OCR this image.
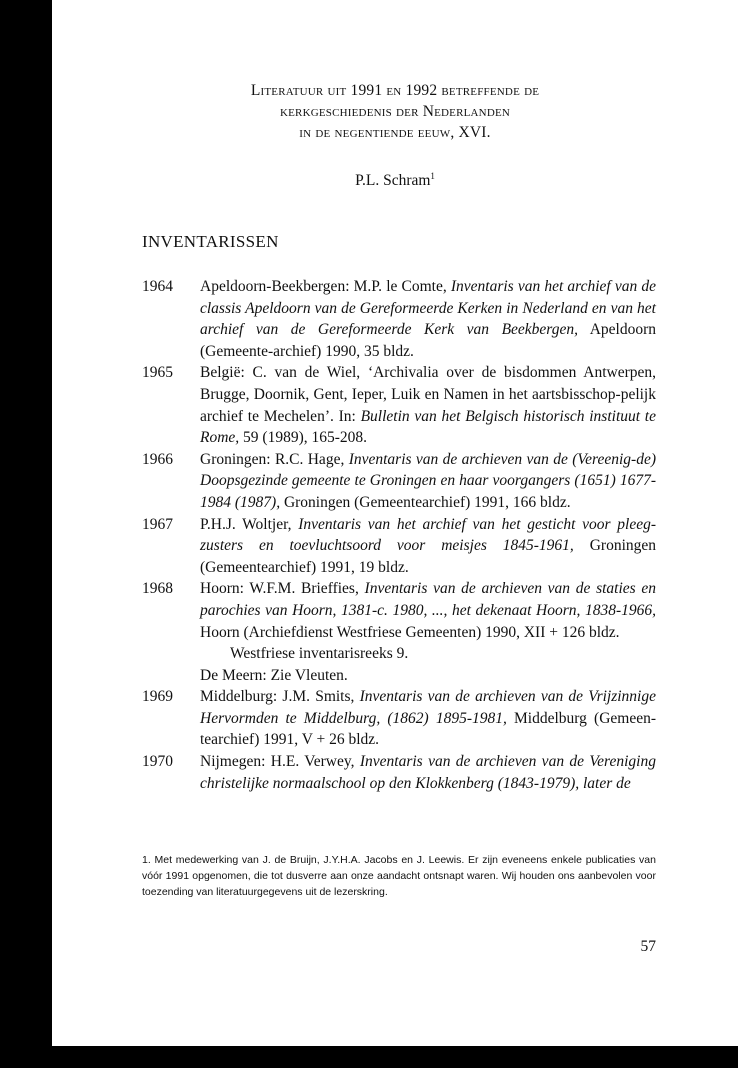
Literatuur uit 1991 en 1992 betreffende de
kerkgeschiedenis der Nederlanden
in de negentiende eeuw, XVI.
P.L. Schram$^1$
INVENTARISSEN
1964	Apeldoorn-Beekbergen: M.P. le Comte, Inventaris van het archief van de classis Apeldoorn van de Gereformeerde Kerken in Nederland en van het archief van de Gereformeerde Kerk van Beekbergen, Apeldoorn (Gemeente-archief) 1990, 35 bldz.
1965	België: C. van de Wiel, ‘Archivalia over de bisdommen Antwerpen, Brugge, Doornik, Gent, Ieper, Luik en Namen in het aartsbisschop-pelijk archief te Mechelen’. In: Bulletin van het Belgisch historisch instituut te Rome, 59 (1989), 165-208.
1966	Groningen: R.C. Hage, Inventaris van de archieven van de (Vereenig-de) Doopsgezinde gemeente te Groningen en haar voorgangers (1651) 1677-1984 (1987), Groningen (Gemeentearchief) 1991, 166 bldz.
1967	P.H.J. Woltjer, Inventaris van het archief van het gesticht voor pleeg-zusters en toevluchtsoord voor meisjes 1845-1961, Groningen (Gemeentearchief) 1991, 19 bldz.
1968	Hoorn: W.F.M. Brieffies, Inventaris van de archieven van de staties en parochies van Hoorn, 1381-c. 1980, ..., het dekenaat Hoorn, 1838-1966, Hoorn (Archiefdienst Westfriese Gemeenten) 1990, XII + 126 bldz.
Westfriese inventarisreeks 9.
De Meern: Zie Vleuten.
1969	Middelburg: J.M. Smits, Inventaris van de archieven van de Vrijzinnige Hervormden te Middelburg, (1862) 1895-1981, Middelburg (Gemeen-tearchief) 1991, V + 26 bldz.
1970	Nijmegen: H.E. Verwey, Inventaris van de archieven van de Vereniging christelijke normaalschool op den Klokkenberg (1843-1979), later de
1. Met medewerking van J. de Bruijn, J.Y.H.A. Jacobs en J. Leewis. Er zijn eveneens enkele publicaties van vóór 1991 opgenomen, die tot dusverre aan onze aandacht ontsnapt waren. Wij houden ons aanbevolen voor toezending van literatuurgegevens uit de lezerskring.
57
